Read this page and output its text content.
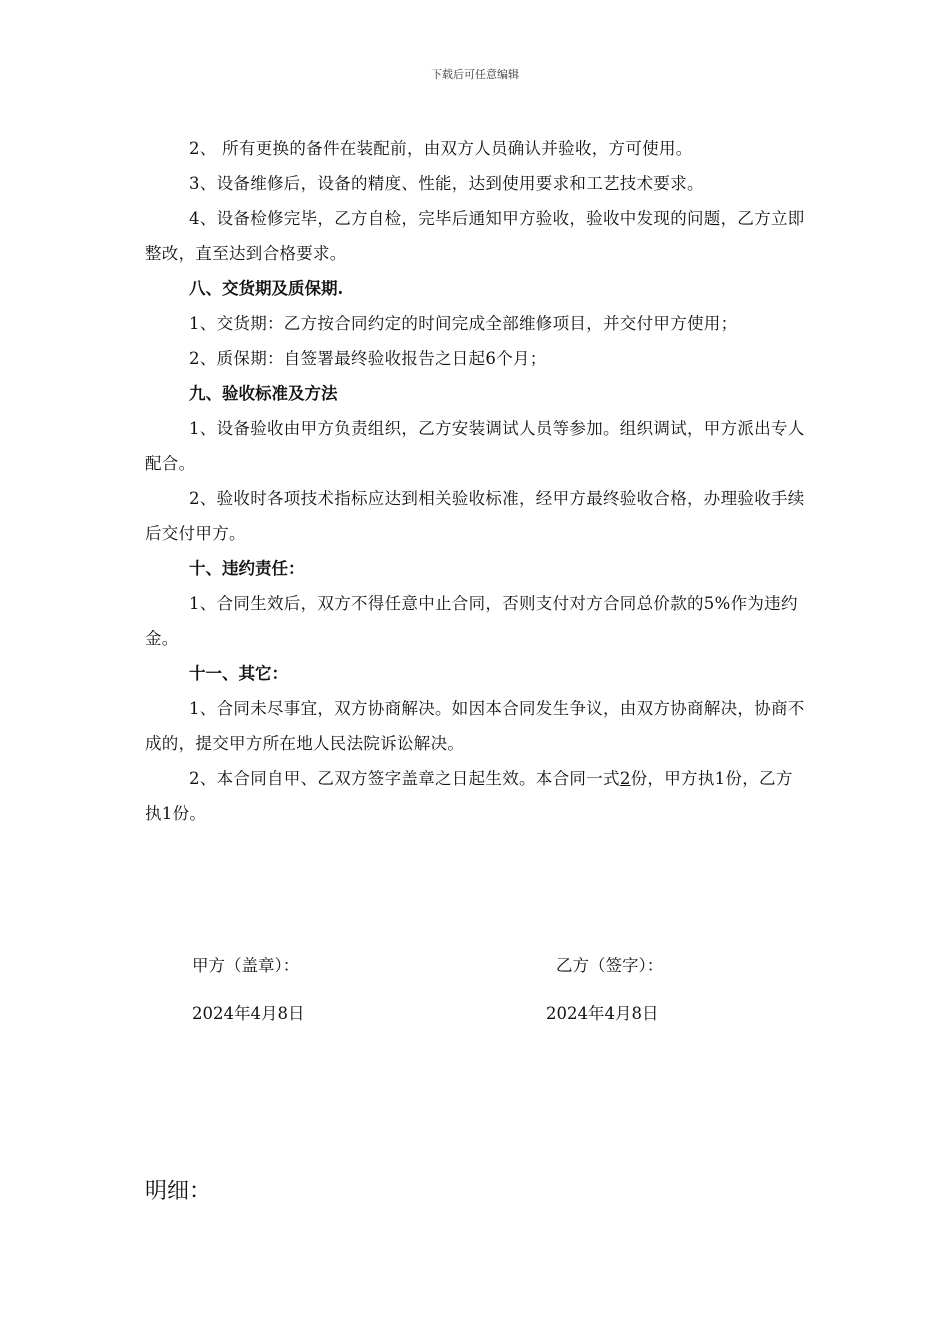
下载后可任意编辑

2、 所有更换的备件在装配前，由双方人员确认并验收，方可使用。

3、设备维修后，设备的精度、性能，达到使用要求和工艺技术要求。

4、设备检修完毕，乙方自检，完毕后通知甲方验收，验收中发现的问题，乙方立即整改，直至达到合格要求。

八、交货期及质保期.

1、交货期：乙方按合同约定的时间完成全部维修项目，并交付甲方使用；

2、质保期：自签署最终验收报告之日起6个月；

九、验收标准及方法

1、设备验收由甲方负责组织，乙方安装调试人员等参加。组织调试，甲方派出专人配合。

2、验收时各项技术指标应达到相关验收标准，经甲方最终验收合格，办理验收手续后交付甲方。

十、违约责任：

1、合同生效后，双方不得任意中止合同，否则支付对方合同总价款的5%作为违约金。

十一、其它：

1、合同未尽事宜，双方协商解决。如因本合同发生争议，由双方协商解决，协商不成的，提交甲方所在地人民法院诉讼解决。

2、本合同自甲、乙双方签字盖章之日起生效。本合同一式2份，甲方执1份，乙方执1份。

甲方（盖章）：	乙方（签字）：
2024年4月8日	2024年4月8日
明细：
